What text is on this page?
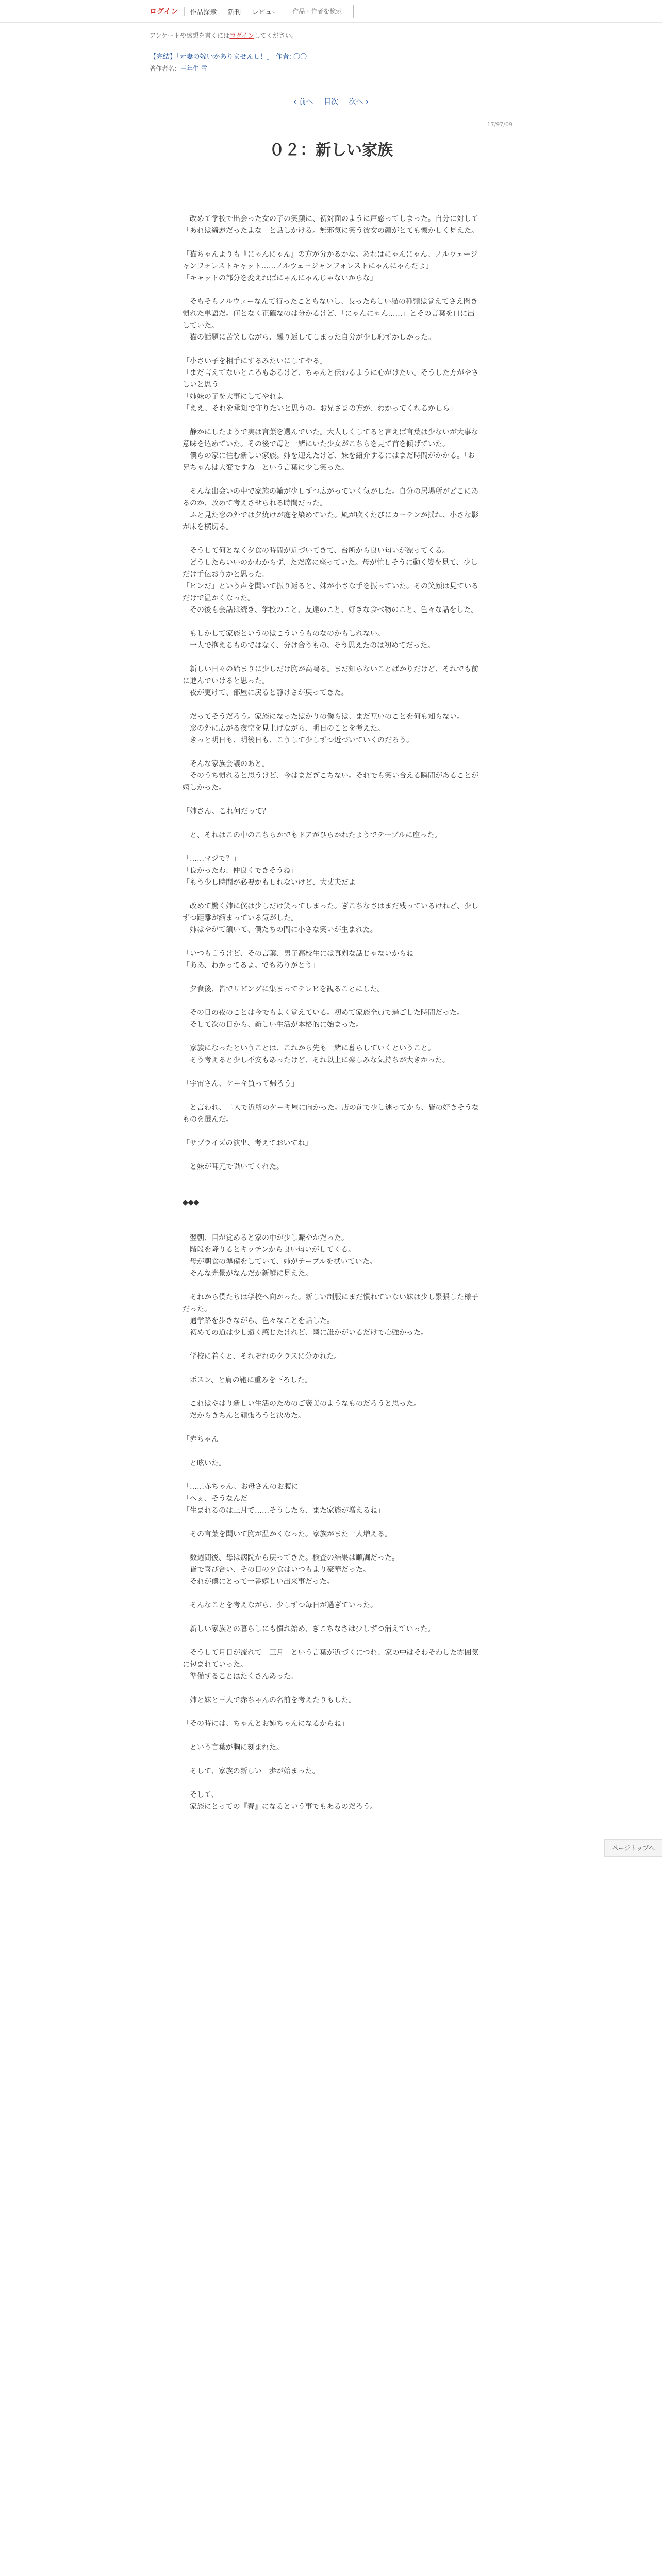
ログイン	作品探索	新刊	レビュー
作品・作者を検索
アンケートや感想を書くにはログインしてください。
【完結】「元妻の嫁いかありませんし！」 作者: 〇〇
著作者名：三年生 雪
‹ 前へ 目次 次へ ›
17/97/09
０２：新しい家族

　改めて学校で出会った女の子の笑顔に、初対面のように戸惑ってしまった。自分に対して「あれは綺麗だったよな」と話しかける。無邪気に笑う彼女の顔がとても懐かしく見えた。

「猫ちゃんよりも『にゃんにゃん』の方が分かるかな。あれはにゃんにゃん、ノルウェージャンフォレストキャット……ノルウェージャンフォレストにゃんにゃんだよ」

「キャットの部分を変えればにゃんにゃんじゃないからな」

　そもそもノルウェーなんて行ったこともないし、長ったらしい猫の種類は覚えてさえ聞き慣れた単語だ。何となく正確なのは分かるけど、「にゃんにゃん……」とその言葉を口に出していた。

　猫の話題に苦笑しながら、繰り返してしまった自分が少し恥ずかしかった。

「小さい子を相手にするみたいにしてやる」

「まだ言えてないところもあるけど、ちゃんと伝わるように心がけたい。そうした方がやさしいと思う」

「姉妹の子を大事にしてやれよ」

「ええ、それを承知で守りたいと思うの。お兄さまの方が、わかってくれるかしら」

　静かにしたようで実は言葉を選んでいた。大人しくしてると言えば言葉は少ないが大事な意味を込めていた。その後で母と一緒にいた少女がこちらを見て首を傾げていた。

　僕らの家に住む新しい家族。姉を迎えたけど、妹を紹介するにはまだ時間がかかる。「お兄ちゃんは大変ですね」という言葉に少し笑った。

　そんな出会いの中で家族の輪が少しずつ広がっていく気がした。自分の居場所がどこにあるのか、改めて考えさせられる時間だった。

　ふと見た窓の外では夕焼けが庭を染めていた。風が吹くたびにカーテンが揺れ、小さな影が床を横切る。

　そうして何となく夕食の時間が近づいてきて、台所から良い匂いが漂ってくる。

　どうしたらいいのかわからず、ただ席に座っていた。母が忙しそうに動く姿を見て、少しだけ手伝おうかと思った。

「ピンだ」という声を聞いて振り返ると、妹が小さな手を振っていた。その笑顔は見ているだけで温かくなった。

　その後も会話は続き、学校のこと、友達のこと、好きな食べ物のこと、色々な話をした。

　もしかして家族というのはこういうものなのかもしれない。

　一人で抱えるものではなく、分け合うもの。そう思えたのは初めてだった。

　新しい日々の始まりに少しだけ胸が高鳴る。まだ知らないことばかりだけど、それでも前に進んでいけると思った。

　夜が更けて、部屋に戻ると静けさが戻ってきた。

　だってそうだろう。家族になったばかりの僕らは、まだ互いのことを何も知らない。

　窓の外に広がる夜空を見上げながら、明日のことを考えた。

　きっと明日も、明後日も、こうして少しずつ近づいていくのだろう。

　そんな家族会議のあと。

　そのうち慣れると思うけど、今はまだぎこちない。それでも笑い合える瞬間があることが嬉しかった。

「姉さん、これ何だって？」

　と、それはこの中のこちらかでもドアがひらかれたようでテーブルに座った。

「……マジで？」

「良かったわ、仲良くできそうね」

「もう少し時間が必要かもしれないけど、大丈夫だよ」

　改めて驚く姉に僕は少しだけ笑ってしまった。ぎこちなさはまだ残っているけれど、少しずつ距離が縮まっている気がした。

　姉はやがて頷いて、僕たちの間に小さな笑いが生まれた。

「いつも言うけど、その言葉、男子高校生には真剣な話じゃないからね」

「ああ、わかってるよ。でもありがとう」

　夕食後、皆でリビングに集まってテレビを観ることにした。

　その日の夜のことは今でもよく覚えている。初めて家族全員で過ごした時間だった。

　そして次の日から、新しい生活が本格的に始まった。

　家族になったということは、これから先も一緒に暮らしていくということ。

　そう考えると少し不安もあったけど、それ以上に楽しみな気持ちが大きかった。

「宇宙さん、ケーキ買って帰ろう」

　と言われ、二人で近所のケーキ屋に向かった。店の前で少し迷ってから、皆の好きそうなものを選んだ。

「サプライズの演出、考えておいてね」

　と妹が耳元で囁いてくれた。

◆◆◆

　翌朝、目が覚めると家の中が少し賑やかだった。

　階段を降りるとキッチンから良い匂いがしてくる。

　母が朝食の準備をしていて、姉がテーブルを拭いていた。

　そんな光景がなんだか新鮮に見えた。

　それから僕たちは学校へ向かった。新しい制服にまだ慣れていない妹は少し緊張した様子だった。

　通学路を歩きながら、色々なことを話した。

　初めての道は少し遠く感じたけれど、隣に誰かがいるだけで心強かった。

　学校に着くと、それぞれのクラスに分かれた。

　ポスン、と肩の鞄に重みを下ろした。

　これはやはり新しい生活のためのご褒美のようなものだろうと思った。

　だからきちんと頑張ろうと決めた。

「赤ちゃん」

　と呟いた。

「……赤ちゃん、お母さんのお腹に」

「へぇ、そうなんだ」

「生まれるのは三月で……そうしたら、また家族が増えるね」

　その言葉を聞いて胸が温かくなった。家族がまた一人増える。

　数週間後、母は病院から戻ってきた。検査の結果は順調だった。

　皆で喜び合い、その日の夕食はいつもより豪華だった。

　それが僕にとって一番嬉しい出来事だった。

　そんなことを考えながら、少しずつ毎日が過ぎていった。

　新しい家族との暮らしにも慣れ始め、ぎこちなさは少しずつ消えていった。

　そうして月日が流れて「三月」という言葉が近づくにつれ、家の中はそわそわした雰囲気に包まれていった。

　準備することはたくさんあった。

　姉と妹と三人で赤ちゃんの名前を考えたりもした。

「その時には、ちゃんとお姉ちゃんになるからね」

　という言葉が胸に刻まれた。

　そして、家族の新しい一歩が始まった。

　そして、

　家族にとっての『春』になるという事でもあるのだろう。

ページトップへ
